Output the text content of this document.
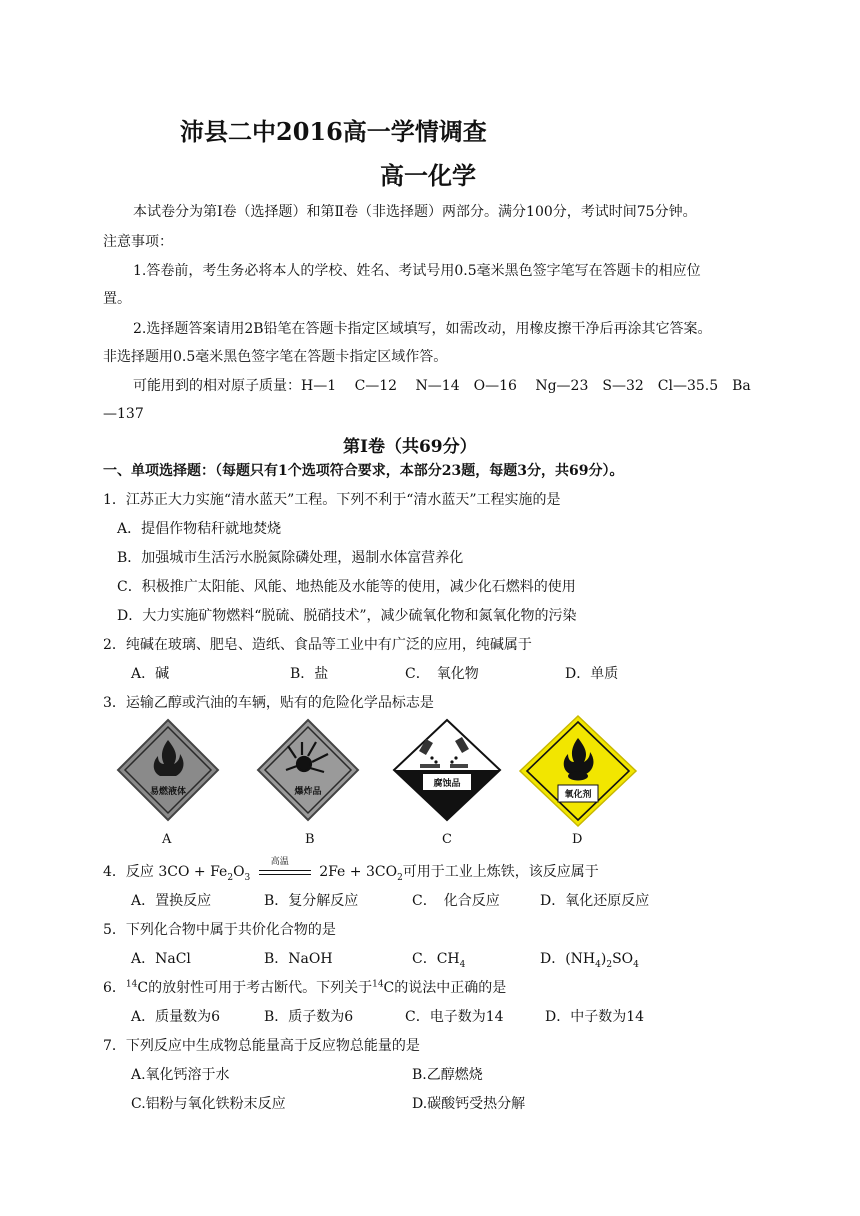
沛县二中2016高一学情调查
高一化学
本试卷分为第Ⅰ卷（选择题）和第Ⅱ卷（非选择题）两部分。满分100分，考试时间75分钟。
注意事项：
1.答卷前，考生务必将本人的学校、姓名、考试号用0.5毫米黑色签字笔写在答题卡的相应位
置。
2.选择题答案请用2B铅笔在答题卡指定区域填写，如需改动，用橡皮擦干净后再涂其它答案。
非选择题用0.5毫米黑色签字笔在答题卡指定区域作答。
可能用到的相对原子质量：H—1　 C—12　 N—14　O—16　 Ng—23　S—32　Cl—35.5　Ba
—137
第Ⅰ卷（共69分）
一、单项选择题：（每题只有1个选项符合要求，本部分23题，每题3分，共69分）。
1．江苏正大力实施“清水蓝天”工程。下列不利于“清水蓝天”工程实施的是
A．提倡作物秸秆就地焚烧
B．加强城市生活污水脱氮除磷处理，遏制水体富营养化
C．积极推广太阳能、风能、地热能及水能等的使用，减少化石燃料的使用
D．大力实施矿物燃料“脱硫、脱硝技术”，减少硫氧化物和氮氧化物的污染
2．纯碱在玻璃、肥皂、造纸、食品等工业中有广泛的应用，纯碱属于
A．碱	B．盐	C．　氧化物	D．单质
3．运输乙醇或汽油的车辆，贴有的危险化学品标志是
易燃液体
A
爆炸品
B
腐蚀品
C
氧化剂
D
4．反应 $3CO + Fe_2O_3$
高温
$2Fe + 3CO_2$可用于工业上炼铁，该反应属于
A．置换反应	B．复分解反应	C．　化合反应	D．氧化还原反应
5．下列化合物中属于共价化合物的是
A．NaCl	B．NaOH	C．$CH_4$	D．$(NH_4)_2SO_4$
6．$^{14}$C的放射性可用于考古断代。下列关于$^{14}$C的说法中正确的是
A．质量数为6	B．质子数为6	C．电子数为14	D．中子数为14
7．下列反应中生成物总能量高于反应物总能量的是
A.氧化钙溶于水	B.乙醇燃烧
C.铝粉与氧化铁粉末反应	D.碳酸钙受热分解
